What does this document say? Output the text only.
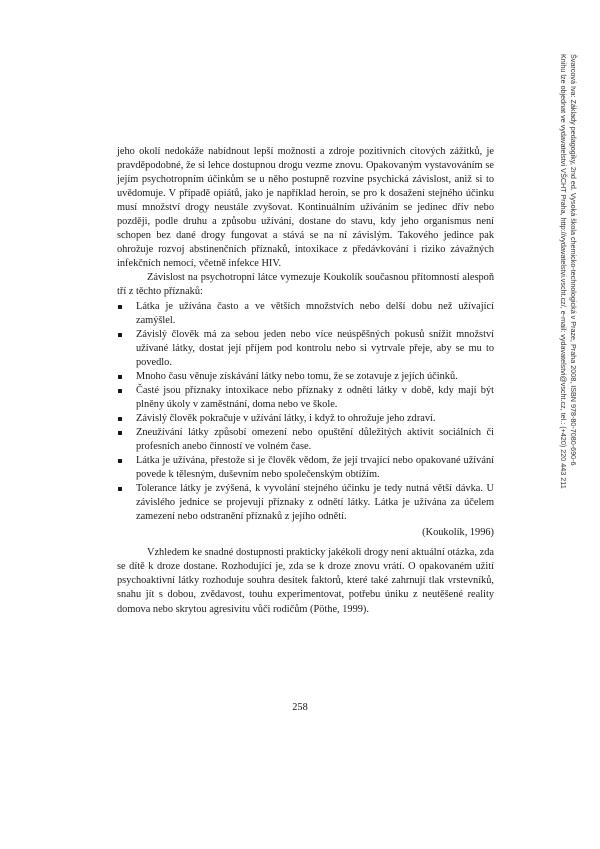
Švarcová Iva: Základy pedagogiky, 2nd ed. Vysoká škola chemicko-technologická v Praze, Praha 2008, ISBN 978-80-7080-690-6
Knihu lze objednat ve vydavatelství VŠCHT Praha, http://vydavatelstvi.vscht.cz/, e-mail: vydavatelstvi@vscht.cz, tel.: (+420) 220 443 211

jeho okolí nedokáže nabídnout lepší možnosti a zdroje pozitivních citových zážitků, je pravděpodobné, že si lehce dostupnou drogu vezme znovu. Opakovaným vystavováním se jejím psychotropním účinkům se u něho postupně rozvine psychická závislost, aniž si to uvědomuje. V případě opiátů, jako je například heroin, se pro k dosažení stejného účinku musí množství drogy neustále zvyšovat. Kontinuálním užíváním se jedinec dřív nebo později, podle druhu a způsobu užívání, dostane do stavu, kdy jeho organismus není schopen bez dané drogy fungovat a stává se na ní závislým. Takového jedince pak ohrožuje rozvoj abstinenčních příznaků, intoxikace z předávkování i riziko závažných infekčních nemocí, včetně infekce HIV.

Závislost na psychotropní látce vymezuje Koukolík současnou přítomností alespoň tří z těchto příznaků:

Látka je užívána často a ve větších množstvích nebo delší dobu než užívající zamýšlel.
Závislý člověk má za sebou jeden nebo více neúspěšných pokusů snížit množství užívané látky, dostat její příjem pod kontrolu nebo si vytrvale přeje, aby se mu to povedlo.
Mnoho času věnuje získávání látky nebo tomu, že se zotavuje z jejích účinků.
Časté jsou příznaky intoxikace nebo příznaky z odnětí látky v době, kdy mají být plněny úkoly v zaměstnání, doma nebo ve škole.
Závislý člověk pokračuje v užívání látky, i když to ohrožuje jeho zdraví.
Zneužívání látky způsobí omezení nebo opuštění důležitých aktivit sociálních či profesních anebo činností ve volném čase.
Látka je užívána, přestože si je člověk vědom, že její trvající nebo opakované užívání povede k tělesným, duševním nebo společenským obtížím.
Tolerance látky je zvýšená, k vyvolání stejného účinku je tedy nutná větší dávka. U závislého jednice se projevují příznaky z odnětí látky. Látka je užívána za účelem zamezení nebo odstranění příznaků z jejího odnětí.

(Koukolík, 1996)

Vzhledem ke snadné dostupnosti prakticky jakékoli drogy není aktuální otázka, zda se dítě k droze dostane. Rozhodující je, zda se k droze znovu vrátí. O opakovaném užití psychoaktivní látky rozhoduje souhra desítek faktorů, které také zahrnují tlak vrstevníků, snahu jít s dobou, zvědavost, touhu experimentovat, potřebu úniku z neutěšené reality domova nebo skrytou agresivitu vůči rodičům (Pöthe, 1999).

258
